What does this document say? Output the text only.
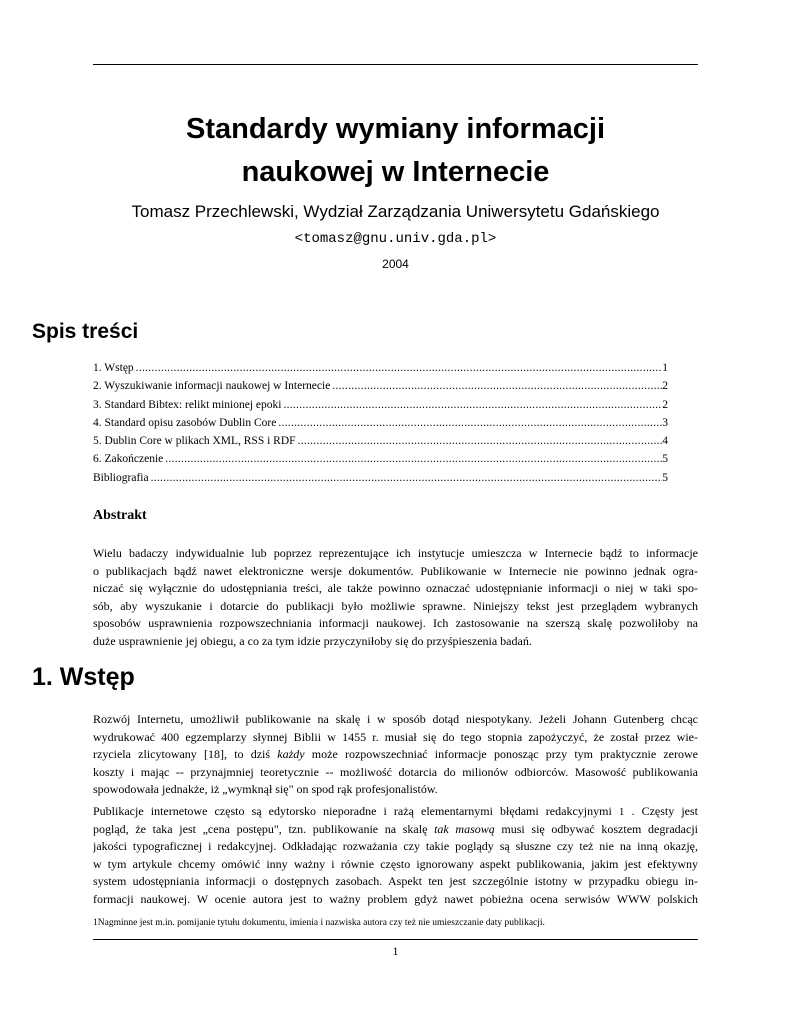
Standardy wymiany informacji
naukowej w Internecie
Tomasz Przechlewski, Wydział Zarządzania Uniwersytetu Gdańskiego
<tomasz@gnu.univ.gda.pl>
2004
Spis treści
1. Wstęp . . .	1
2. Wyszukiwanie informacji naukowej w Internecie . . .	2
3. Standard Bibtex: relikt minionej epoki . . .	2
4. Standard opisu zasobów Dublin Core . . .	3
5. Dublin Core w plikach XML, RSS i RDF . . .	4
6. Zakończenie . . .	5
Bibliografia . . .	5
Abstrakt
Wielu badaczy indywidualnie lub poprzez reprezentujące ich instytucje umieszcza w Internecie bądź to informacje
o publikacjach bądź nawet elektroniczne wersje dokumentów. Publikowanie w Internecie nie powinno jednak ogra-
niczać się wyłącznie do udostępniania treści, ale także powinno oznaczać udostępnianie informacji o niej w taki spo-
sób, aby wyszukanie i dotarcie do publikacji było możliwie sprawne. Niniejszy tekst jest przeglądem wybranych
sposobów usprawnienia rozpowszechniania informacji naukowej. Ich zastosowanie na szerszą skalę pozwoliłoby na
duże usprawnienie jej obiegu, a co za tym idzie przyczyniłoby się do przyśpieszenia badań.
1. Wstęp
Rozwój Internetu, umożliwił publikowanie na skalę i w sposób dotąd niespotykany. Jeżeli Johann Gutenberg chcąc
wydrukować 400 egzemplarzy słynnej Biblii w 1455 r. musiał się do tego stopnia zapożyczyć, że został przez wie-
rzyciela zlicytowany [18], to dziś każdy może rozpowszechniać informacje ponosząc przy tym praktycznie zerowe
koszty i mając -- przynajmniej teoretycznie -- możliwość dotarcia do milionów odbiorców. Masowość publikowania
spowodowała jednakże, iż „wymknął się" on spod rąk profesjonalistów.
Publikacje internetowe często są edytorsko nieporadne i rażą elementarnymi błędami redakcyjnymi 1 . Częsty jest
pogląd, że taka jest „cena postępu", tzn. publikowanie na skalę tak masową musi się odbywać kosztem degradacji
jakości typograficznej i redakcyjnej. Odkładając rozważania czy takie poglądy są słuszne czy też nie na inną okazję,
w tym artykule chcemy omówić inny ważny i równie często ignorowany aspekt publikowania, jakim jest efektywny
system udostępniania informacji o dostępnych zasobach. Aspekt ten jest szczególnie istotny w przypadku obiegu in-
formacji naukowej. W ocenie autora jest to ważny problem gdyż nawet pobieżna ocena serwisów WWW polskich
1Nagminne jest m.in. pomijanie tytułu dokumentu, imienia i nazwiska autora czy też nie umieszczanie daty publikacji.
1
